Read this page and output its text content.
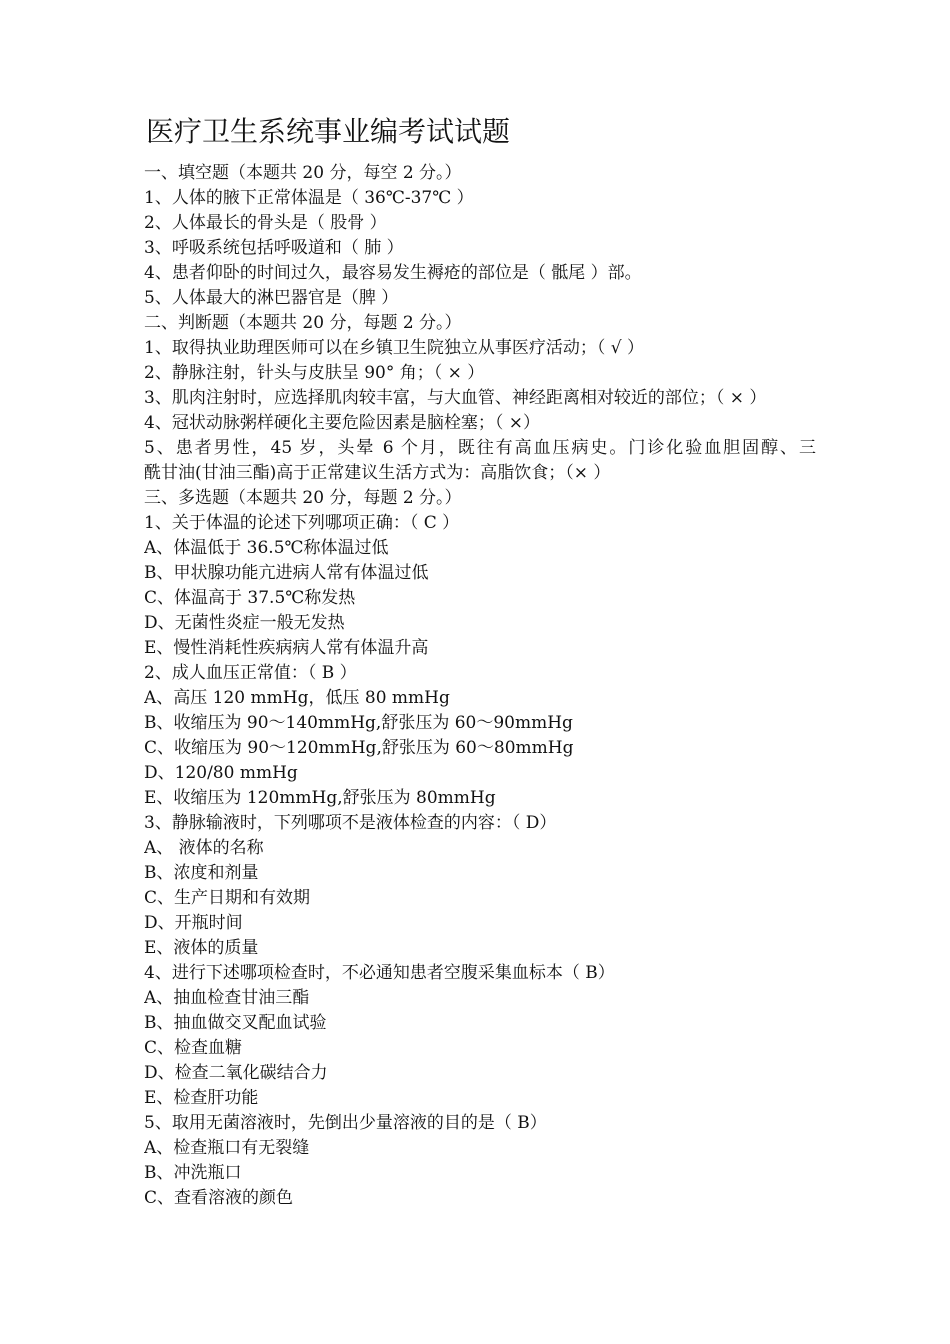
医疗卫生系统事业编考试试题
一、填空题（本题共 20 分，每空 2 分。）
1、人体的腋下正常体温是（ 36℃-37℃ ）
2、人体最长的骨头是（ 股骨 ）
3、呼吸系统包括呼吸道和（ 肺 ）
4、患者仰卧的时间过久，最容易发生褥疮的部位是（ 骶尾 ）部。
5、人体最大的淋巴器官是（脾 ）
二、判断题（本题共 20 分，每题 2 分。）
1、取得执业助理医师可以在乡镇卫生院独立从事医疗活动；（ √ ）
2、静脉注射，针头与皮肤呈 90° 角；（ × ）
3、肌肉注射时，应选择肌肉较丰富，与大血管、神经距离相对较近的部位；（ × ）
4、冠状动脉粥样硬化主要危险因素是脑栓塞；（ ×）
5、患者男性，45 岁，头晕 6 个月，既往有高血压病史。门诊化验血胆固醇、三
酰甘油(甘油三酯)高于正常建议生活方式为：高脂饮食；（× ）
三、多选题（本题共 20 分，每题 2 分。）
1、关于体温的论述下列哪项正确：（ C ）
A、体温低于 36.5℃称体温过低
B、甲状腺功能亢进病人常有体温过低
C、体温高于 37.5℃称发热
D、无菌性炎症一般无发热
E、慢性消耗性疾病病人常有体温升高
2、成人血压正常值：（ B ）
A、高压 120 mmHg，低压 80 mmHg
B、收缩压为 90～140mmHg,舒张压为 60～90mmHg
C、收缩压为 90～120mmHg,舒张压为 60～80mmHg
D、120/80 mmHg
E、收缩压为 120mmHg,舒张压为 80mmHg
3、静脉输液时，下列哪项不是液体检查的内容：（ D）
A、 液体的名称
B、浓度和剂量
C、生产日期和有效期
D、开瓶时间
E、液体的质量
4、进行下述哪项检查时，不必通知患者空腹采集血标本（ B）
A、抽血检查甘油三酯
B、抽血做交叉配血试验
C、检查血糖
D、检查二氧化碳结合力
E、检查肝功能
5、取用无菌溶液时，先倒出少量溶液的目的是（ B）
A、检查瓶口有无裂缝
B、冲洗瓶口
C、查看溶液的颜色
